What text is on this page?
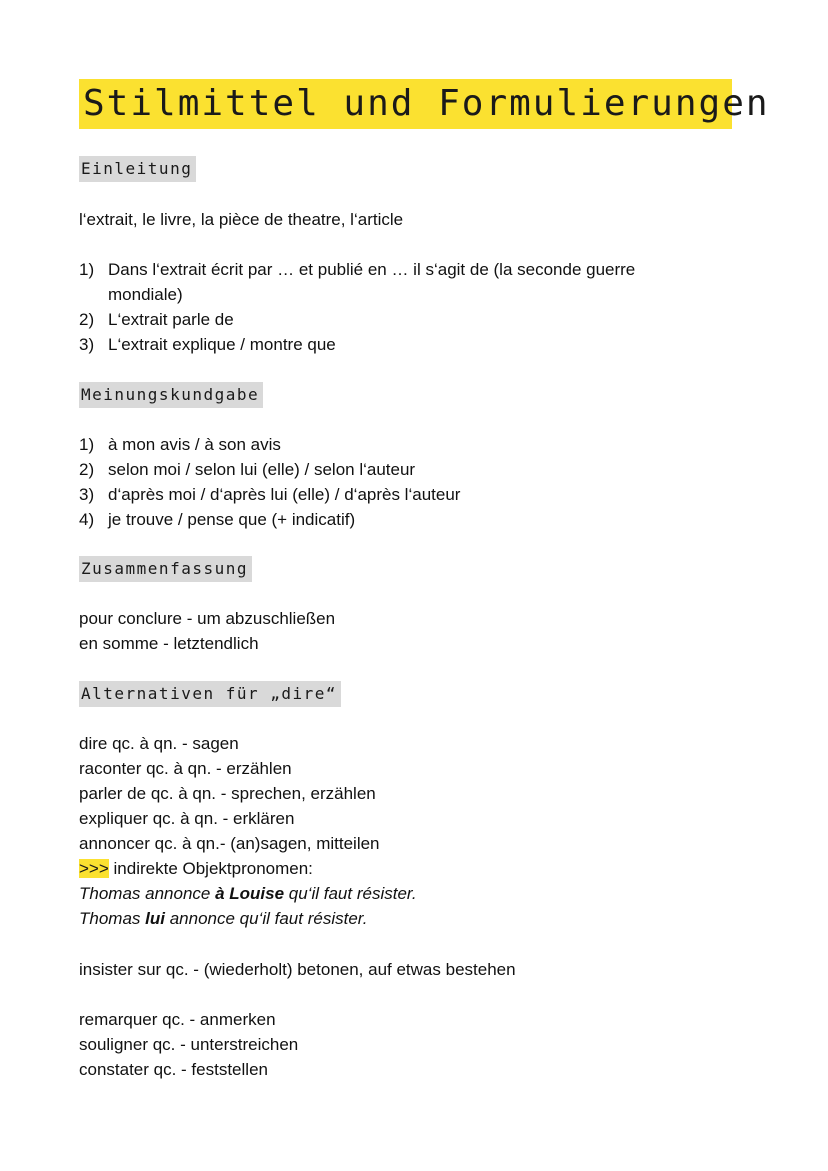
Stilmittel und Formulierungen
Einleitung
l‘extrait, le livre, la pièce de theatre, l‘article
1) Dans l‘extrait écrit par … et publié en … il s‘agit de (la seconde guerre
mondiale)
2) L‘extrait parle de
3) L‘extrait explique / montre que
Meinungskundgabe
1) à mon avis / à son avis
2) selon moi / selon lui (elle) / selon l‘auteur
3) d‘après moi / d‘après lui (elle) / d‘après l‘auteur
4) je trouve / pense que (+ indicatif)
Zusammenfassung
pour conclure - um abzuschließen
en somme - letztendlich
Alternativen für „dire“
dire qc. à qn. - sagen
raconter qc. à qn. - erzählen
parler de qc. à qn. - sprechen, erzählen
expliquer qc. à qn. - erklären
annoncer qc. à qn.- (an)sagen, mitteilen
>>> indirekte Objektpronomen:
Thomas annonce à Louise qu‘il faut résister.
Thomas lui annonce qu‘il faut résister.
insister sur qc. - (wiederholt) betonen, auf etwas bestehen
remarquer qc. - anmerken
souligner qc. - unterstreichen
constater qc. - feststellen
